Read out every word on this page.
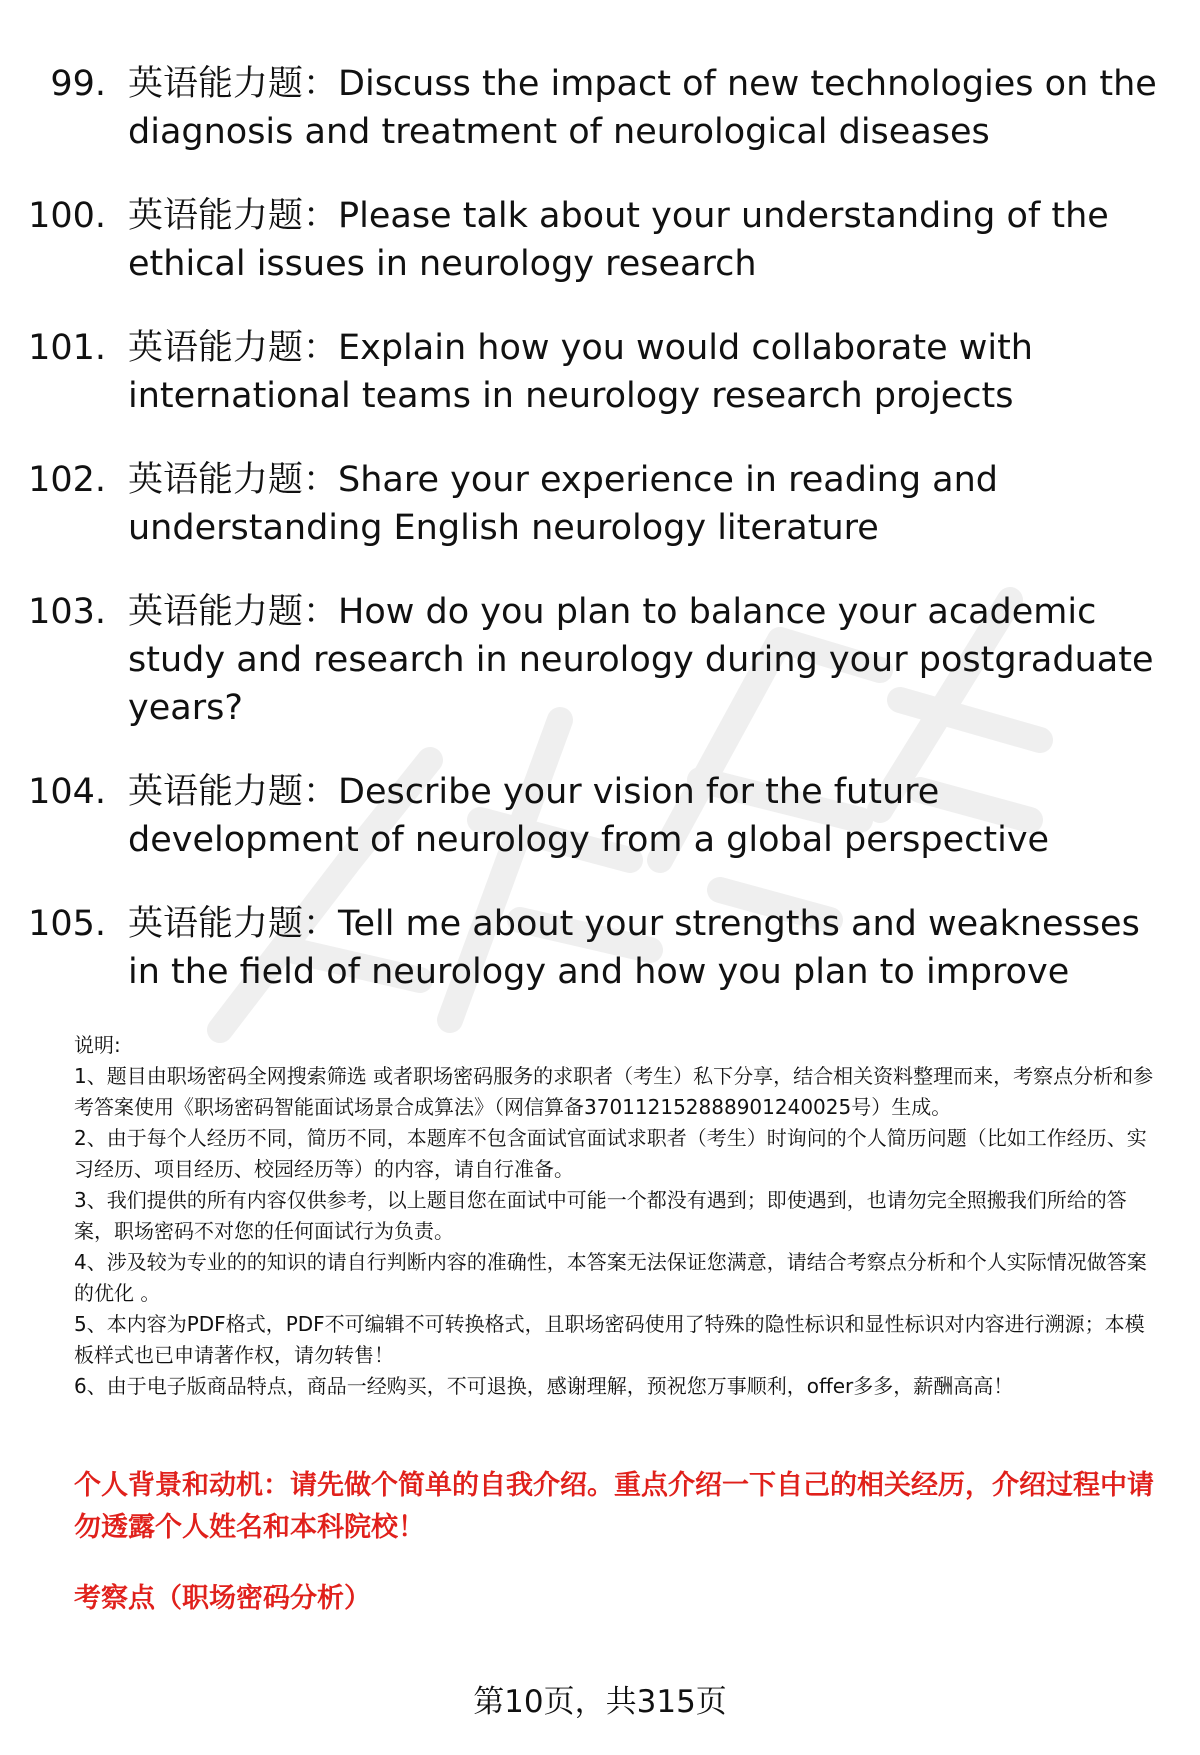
99. 英语能力题：Discuss the impact of new technologies on the diagnosis and treatment of neurological diseases
100. 英语能力题：Please talk about your understanding of the ethical issues in neurology research
101. 英语能力题：Explain how you would collaborate with international teams in neurology research projects
102. 英语能力题：Share your experience in reading and understanding English neurology literature
103. 英语能力题：How do you plan to balance your academic study and research in neurology during your postgraduate years?
104. 英语能力题：Describe your vision for the future development of neurology from a global perspective
105. 英语能力题：Tell me about your strengths and weaknesses in the field of neurology and how you plan to improve

说明:

1、题目由职场密码全网搜索筛选 或者职场密码服务的求职者（考生）私下分享，结合相关资料整理而来，考察点分析和参考答案使用《职场密码智能面试场景合成算法》（网信算备370112152888901240025号）生成。

2、由于每个人经历不同，简历不同，本题库不包含面试官面试求职者（考生）时询问的个人简历问题（比如工作经历、实习经历、项目经历、校园经历等）的内容，请自行准备。

3、我们提供的所有内容仅供参考，以上题目您在面试中可能一个都没有遇到；即使遇到，也请勿完全照搬我们所给的答案，职场密码不对您的任何面试行为负责。

4、涉及较为专业的的知识的请自行判断内容的准确性，本答案无法保证您满意，请结合考察点分析和个人实际情况做答案的优化 。

5、本内容为PDF格式，PDF不可编辑不可转换格式，且职场密码使用了特殊的隐性标识和显性标识对内容进行溯源；本模板样式也已申请著作权，请勿转售！

6、由于电子版商品特点，商品一经购买，不可退换，感谢理解，预祝您万事顺利，offer多多，薪酬高高！

个人背景和动机：请先做个简单的自我介绍。重点介绍一下自己的相关经历，介绍过程中请勿透露个人姓名和本科院校！
考察点（职场密码分析）
第10页，共315页
